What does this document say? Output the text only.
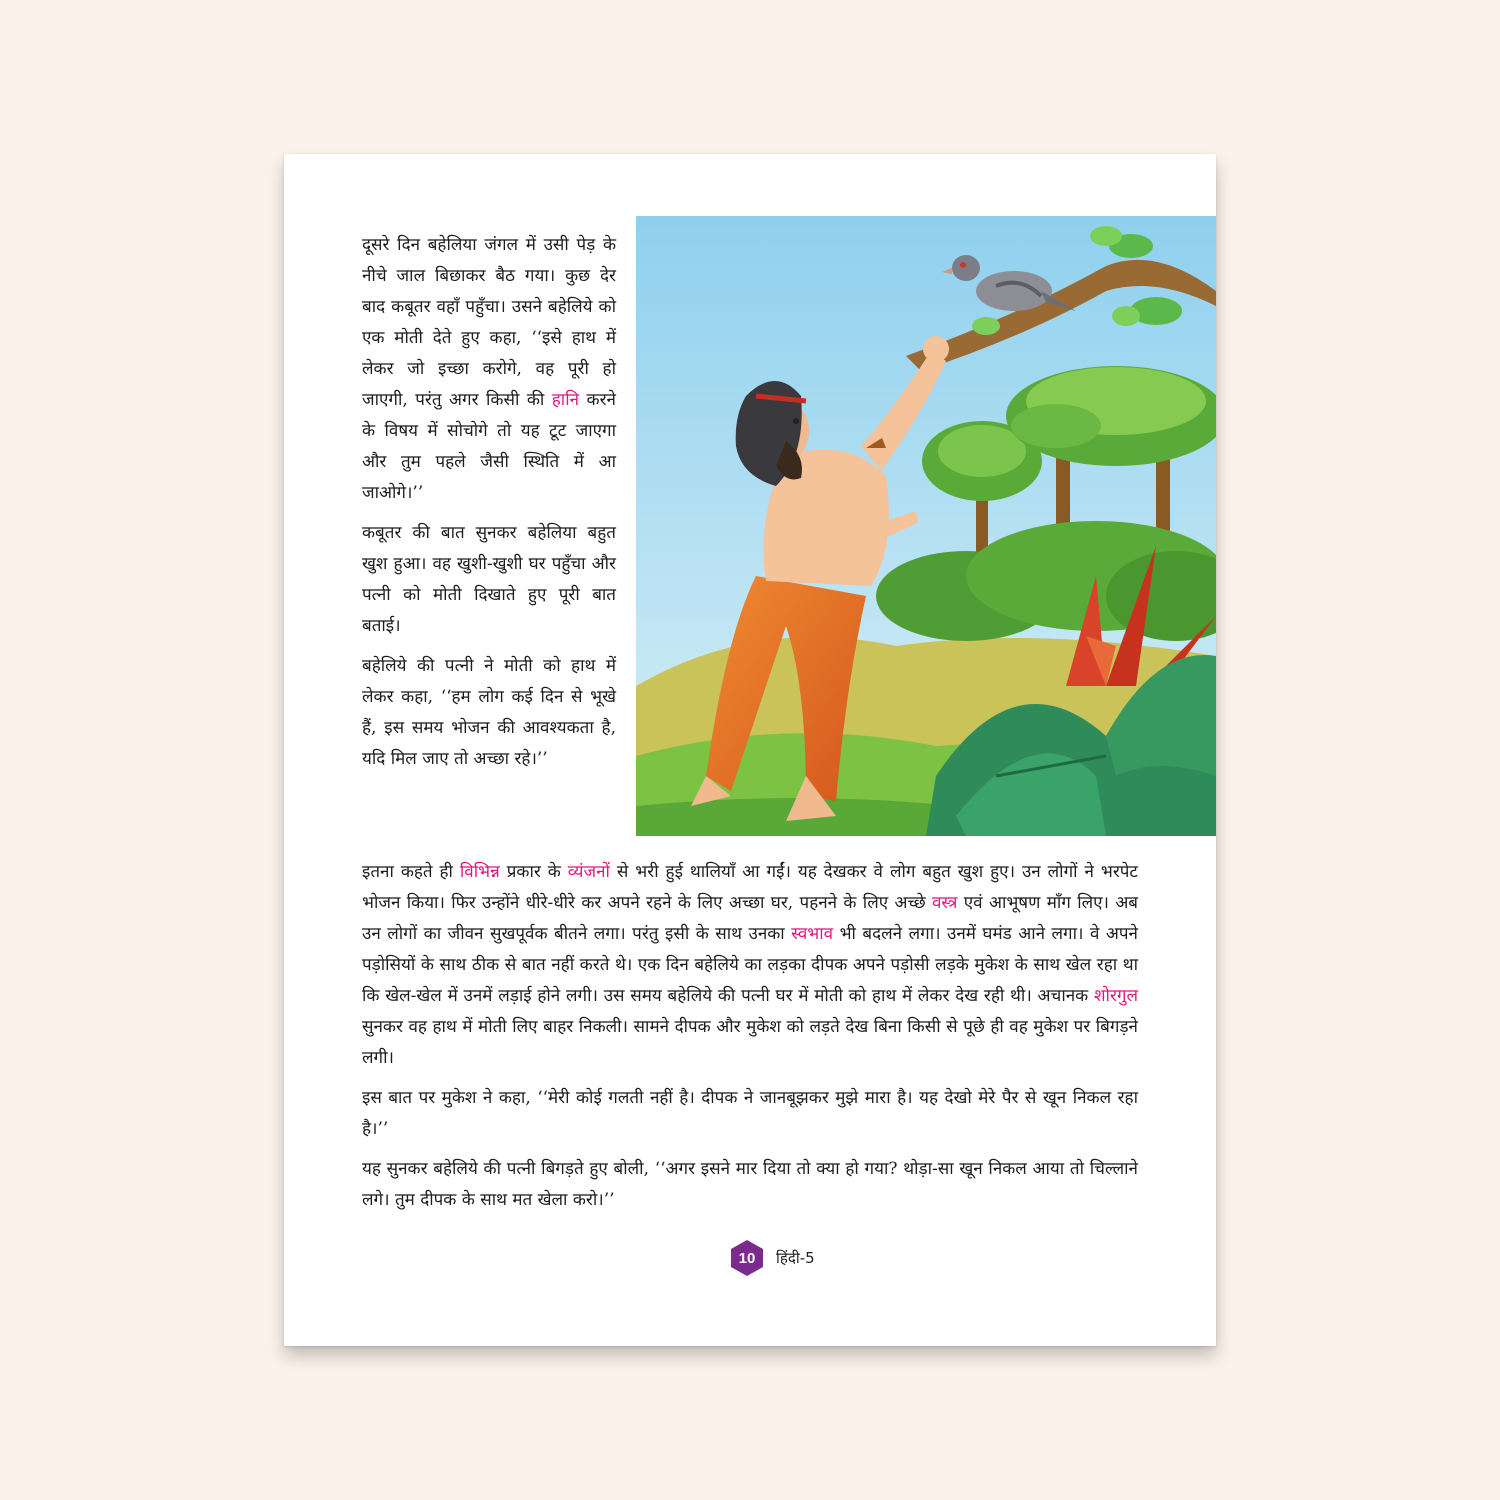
दूसरे दिन बहेलिया जंगल में उसी पेड़ के नीचे जाल बिछाकर बैठ गया। कुछ देर बाद कबूतर वहाँ पहुँचा। उसने बहेलिये को एक मोती देते हुए कहा, ‘‘इसे हाथ में लेकर जो इच्छा करोगे, वह पूरी हो जाएगी, परंतु अगर किसी की हानि करने के विषय में सोचोगे तो यह टूट जाएगा और तुम पहले जैसी स्थिति में आ जाओगे।’’

कबूतर की बात सुनकर बहेलिया बहुत खुश हुआ। वह खुशी-खुशी घर पहुँचा और पत्नी को मोती दिखाते हुए पूरी बात बताई।

बहेलिये की पत्नी ने मोती को हाथ में लेकर कहा, ‘‘हम लोग कई दिन से भूखे हैं, इस समय भोजन की आवश्यकता है, यदि मिल जाए तो अच्छा रहे।’’

इतना कहते ही विभिन्न प्रकार के व्यंजनों से भरी हुई थालियाँ आ गईं। यह देखकर वे लोग बहुत खुश हुए। उन लोगों ने भरपेट भोजन किया। फिर उन्होंने धीरे-धीरे कर अपने रहने के लिए अच्छा घर, पहनने के लिए अच्छे वस्त्र एवं आभूषण माँग लिए। अब उन लोगों का जीवन सुखपूर्वक बीतने लगा। परंतु इसी के साथ उनका स्वभाव भी बदलने लगा। उनमें घमंड आने लगा। वे अपने पड़ोसियों के साथ ठीक से बात नहीं करते थे। एक दिन बहेलिये का लड़का दीपक अपने पड़ोसी लड़के मुकेश के साथ खेल रहा था कि खेल-खेल में उनमें लड़ाई होने लगी। उस समय बहेलिये की पत्नी घर में मोती को हाथ में लेकर देख रही थी। अचानक शोरगुल सुनकर वह हाथ में मोती लिए बाहर निकली। सामने दीपक और मुकेश को लड़ते देख बिना किसी से पूछे ही वह मुकेश पर बिगड़ने लगी।

इस बात पर मुकेश ने कहा, ‘‘मेरी कोई गलती नहीं है। दीपक ने जानबूझकर मुझे मारा है। यह देखो मेरे पैर से खून निकल रहा है।’’

यह सुनकर बहेलिये की पत्नी बिगड़ते हुए बोली, ‘‘अगर इसने मार दिया तो क्या हो गया? थोड़ा-सा खून निकल आया तो चिल्लाने लगे। तुम दीपक के साथ मत खेला करो।’’

10	हिंदी-5
